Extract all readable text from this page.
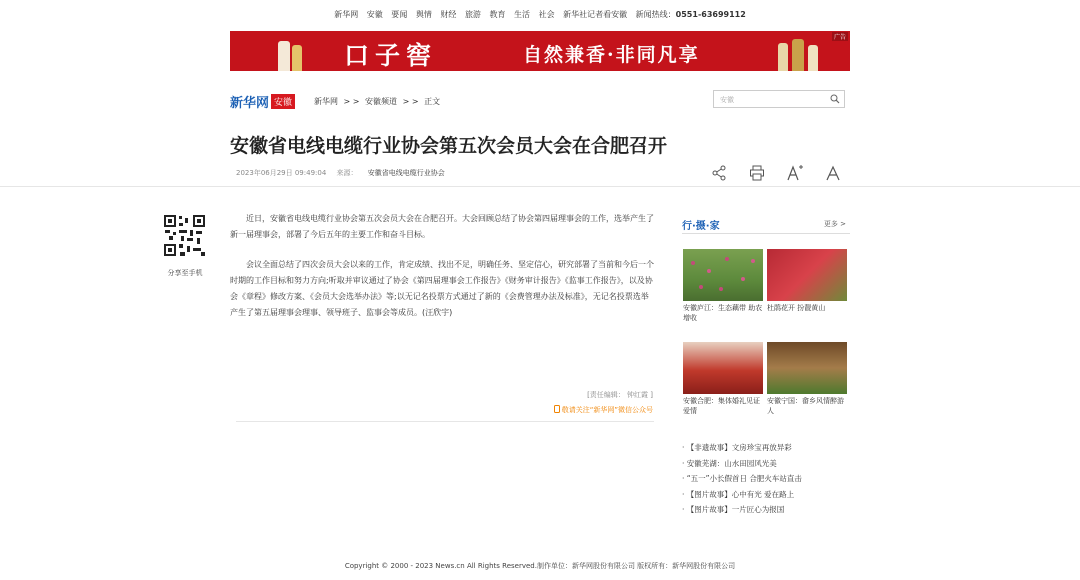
新华网 安徽 要闻 舆情 财经 旅游 教育 生活 社会 新华社记者看安徽 新闻热线：0551-63699112
口子窖	自然兼香·非同凡享
广告
新华网 安徽	新华网 > > 安徽频道 > > 正文	安徽
安徽省电线电缆行业协会第五次会员大会在合肥召开
2023年06月29日 09:49:04 来源： 安徽省电线电缆行业协会
分享至手机

近日，安徽省电线电缆行业协会第五次会员大会在合肥召开。大会回顾总结了协会第四届理事会的工作，选举产生了新一届理事会，部署了今后五年的主要工作和奋斗目标。

会议全面总结了四次会员大会以来的工作，肯定成绩、找出不足，明确任务、坚定信心，研究部署了当前和今后一个时期的工作目标和努力方向;听取并审议通过了协会《第四届理事会工作报告》《财务审计报告》《监事工作报告》，以及协会《章程》修改方案、《会员大会选举办法》等;以无记名投票方式通过了新的《会费管理办法及标准》，无记名投票选举产生了第五届理事会理事、领导班子、监事会等成员。(汪欣宇)

[责任编辑： 钟红霞 ]
敬请关注“新华网”微信公众号
行·摄·家	更多 >
安徽庐江：生态藕带 助农增收
杜鹃花开 扮靓黄山
安徽合肥：集体婚礼见证爱情
安徽宁国：畲乡风情醉游人
· 【非遗故事】文房珍宝再放异彩
· 安徽芜湖：山水田园风光美
· “五一”小长假首日 合肥火车站直击
· 【图片故事】心中有光 爱在路上
· 【图片故事】一片匠心为报国
Copyright © 2000 - 2023 News.cn All Rights Reserved.制作单位：新华网股份有限公司 版权所有：新华网股份有限公司
